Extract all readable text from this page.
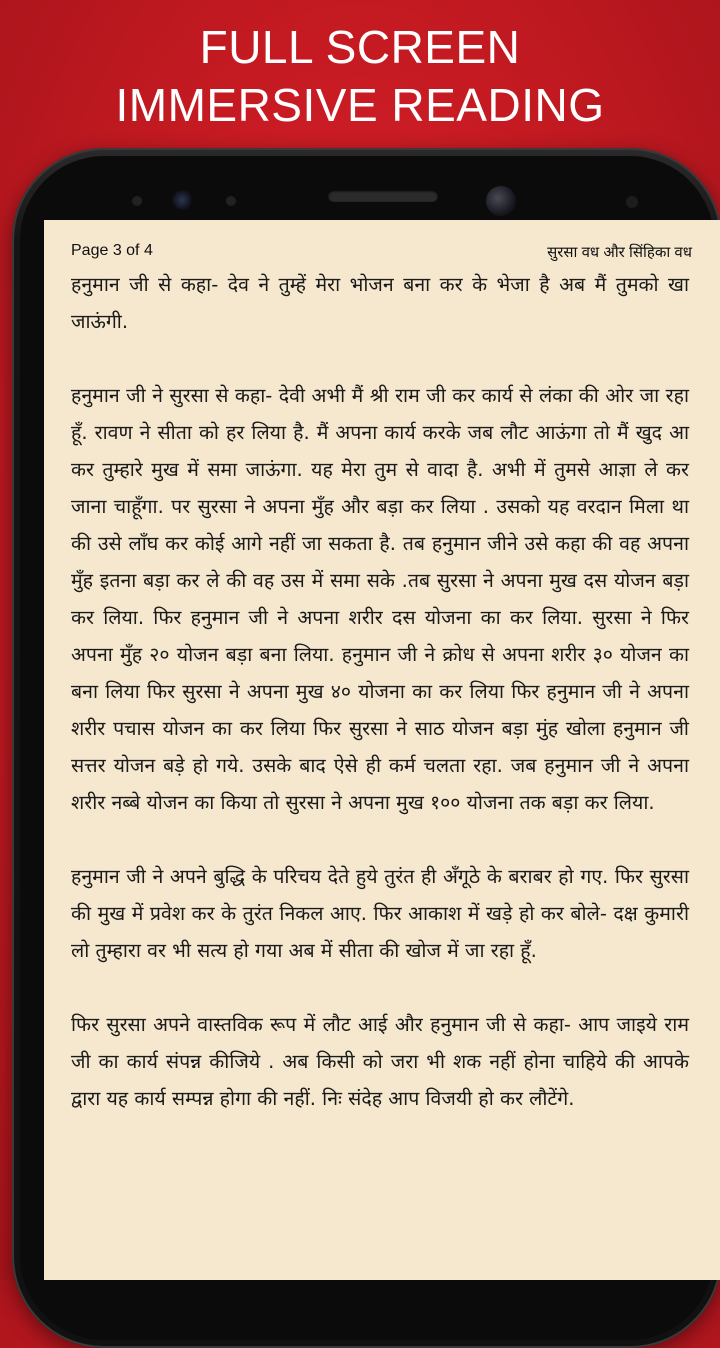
FULL SCREEN
IMMERSIVE READING
Page 3 of 4	सुरसा वध और सिंहिका वध

हनुमान जी से कहा- देव ने तुम्हें मेरा भोजन बना कर के भेजा है अब मैं तुमको खा जाऊंगी.

हनुमान जी ने सुरसा से कहा- देवी अभी मैं श्री राम जी कर कार्य से लंका की ओर जा रहा हूँ. रावण ने सीता को हर लिया है. मैं अपना कार्य करके जब लौट आऊंगा तो मैं खुद आ कर तुम्हारे मुख में समा जाऊंगा. यह मेरा तुम से वादा है. अभी में तुमसे आज्ञा ले कर जाना चाहूँगा. पर सुरसा ने अपना मुँह और बड़ा कर लिया . उसको यह वरदान मिला था की उसे लाँघ कर कोई आगे नहीं जा सकता है. तब हनुमान जीने उसे कहा की वह अपना मुँह इतना बड़ा कर ले की वह उस में समा सके .तब सुरसा ने अपना मुख दस योजन बड़ा कर लिया. फिर हनुमान जी ने अपना शरीर दस योजना का कर लिया. सुरसा ने फिर अपना मुँह २० योजन बड़ा बना लिया. हनुमान जी ने क्रोध से अपना शरीर ३० योजन का बना लिया फिर सुरसा ने अपना मुख ४० योजना का कर लिया फिर हनुमान जी ने अपना शरीर पचास योजन का कर लिया फिर सुरसा ने साठ योजन बड़ा मुंह खोला हनुमान जी सत्तर योजन बड़े हो गये. उसके बाद ऐसे ही कर्म चलता रहा. जब हनुमान जी ने अपना शरीर नब्बे योजन का किया तो सुरसा ने अपना मुख १०० योजना तक बड़ा कर लिया.

हनुमान जी ने अपने बुद्धि के परिचय देते हुये तुरंत ही अँगूठे के बराबर हो गए. फिर सुरसा की मुख में प्रवेश कर के तुरंत निकल आए. फिर आकाश में खड़े हो कर बोले- दक्ष कुमारी लो तुम्हारा वर भी सत्य हो गया अब में सीता की खोज में जा रहा हूँ.

फिर सुरसा अपने वास्तविक रूप में लौट आई और हनुमान जी से कहा- आप जाइये राम जी का कार्य संपन्न कीजिये . अब किसी को जरा भी शक नहीं होना चाहिये की आपके द्वारा यह कार्य सम्पन्न होगा की नहीं. निः संदेह आप विजयी हो कर लौटेंगे.
